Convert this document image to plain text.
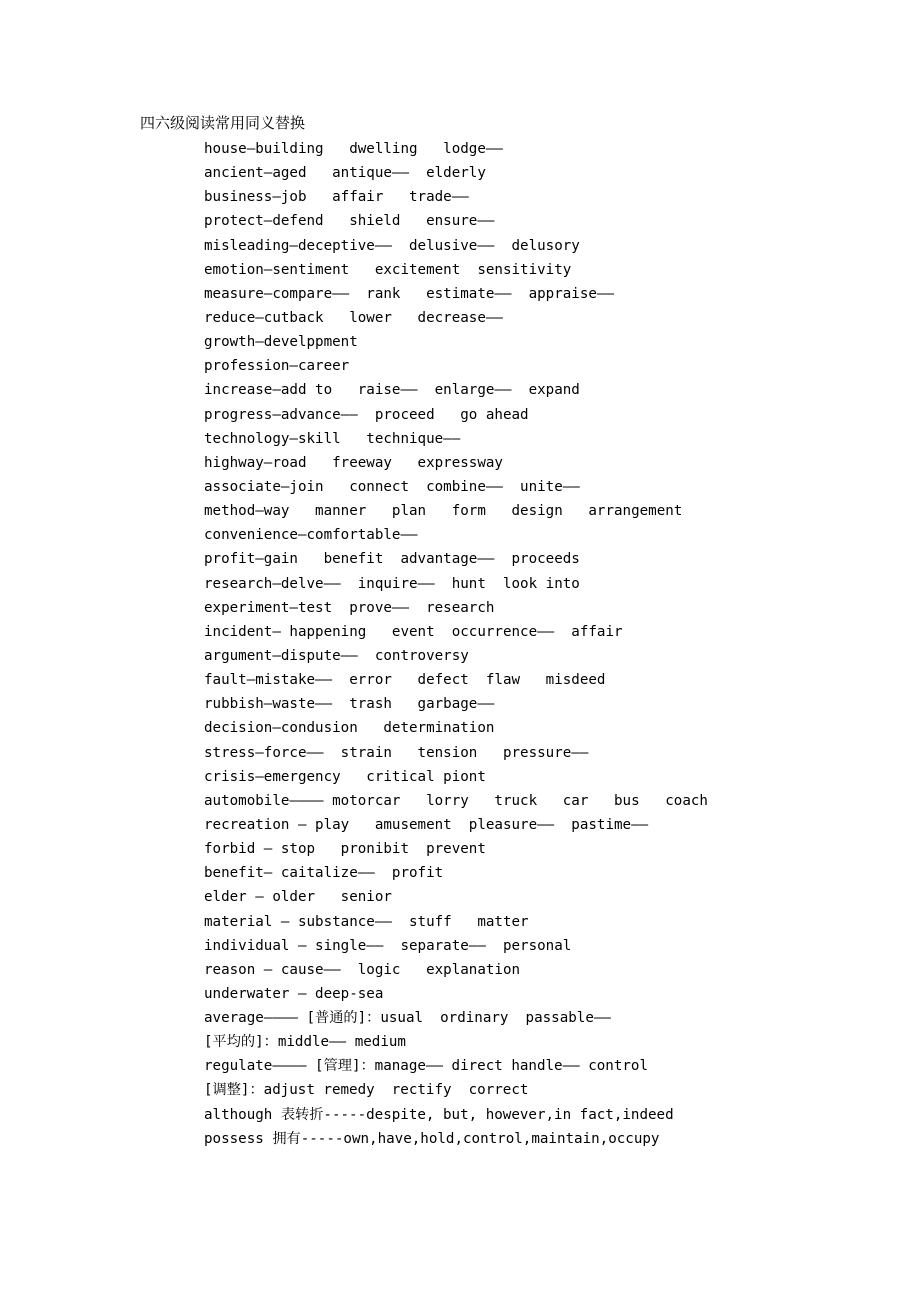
四六级阅读常用同义替换
house—building   dwelling   lodge——
ancient—aged   antique——  elderly
business—job   affair   trade——
protect—defend   shield   ensure——
misleading—deceptive——  delusive——  delusory
emotion—sentiment   excitement  sensitivity
measure—compare——  rank   estimate——  appraise——
reduce—cutback   lower   decrease——
growth—develppment
profession—career
increase—add to   raise——  enlarge——  expand
progress—advance——  proceed   go ahead
technology—skill   technique——
highway—road   freeway   expressway
associate—join   connect  combine——  unite——
method—way   manner   plan   form   design   arrangement
convenience—comfortable——
profit—gain   benefit  advantage——  proceeds
research—delve——  inquire——  hunt  look into
experiment—test  prove——  research
incident— happening   event  occurrence——  affair
argument—dispute——  controversy
fault—mistake——  error   defect  flaw   misdeed
rubbish—waste——  trash   garbage——
decision—condusion   determination
stress—force——  strain   tension   pressure——
crisis—emergency   critical piont
automobile———— motorcar   lorry   truck   car   bus   coach
recreation — play   amusement  pleasure——  pastime——
forbid — stop   pronibit  prevent
benefit— caitalize——  profit
elder — older   senior
material — substance——  stuff   matter
individual — single——  separate——  personal
reason — cause——  logic   explanation
underwater — deep-sea
average———— [普通的]：usual  ordinary  passable——
[平均的]：middle—— medium
regulate———— [管理]：manage—— direct handle—— control
[调整]：adjust remedy  rectify  correct
although 表转折-----despite, but, however,in fact,indeed
possess 拥有-----own,have,hold,control,maintain,occupy
